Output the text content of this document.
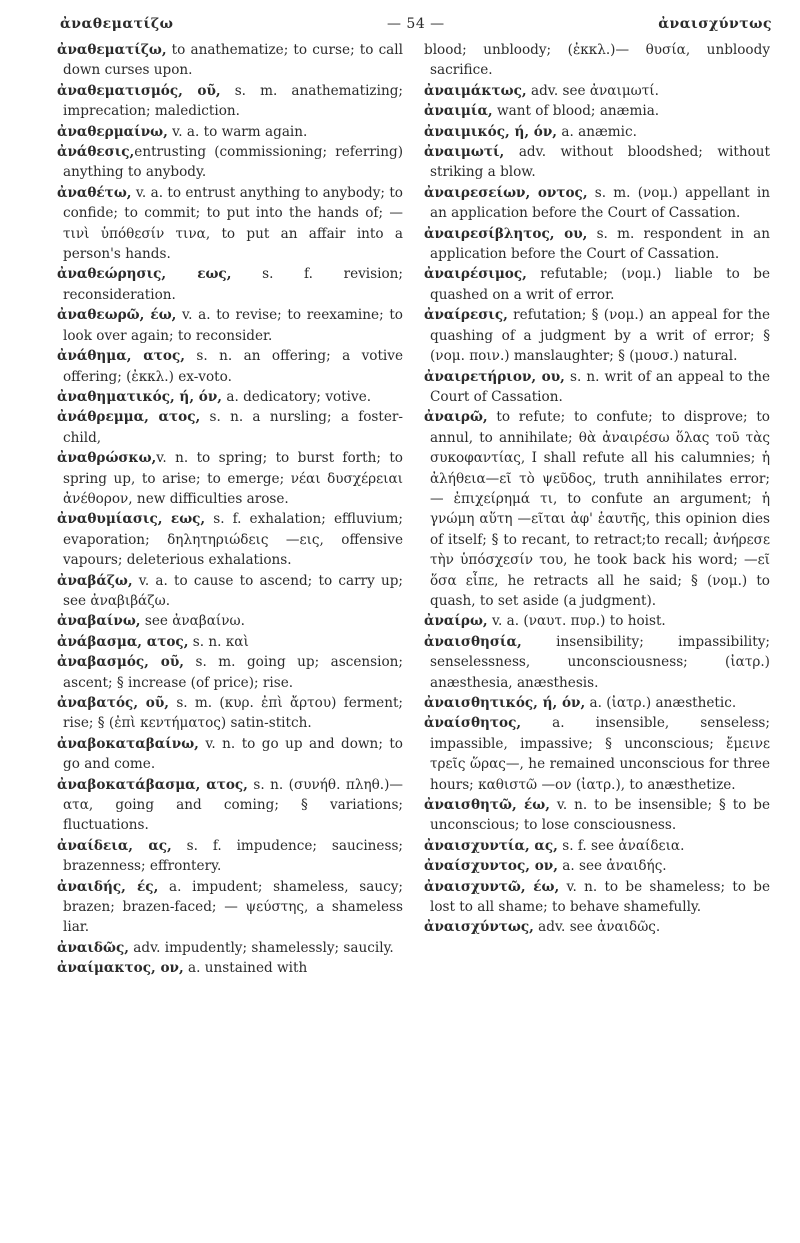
ἀναθεματίζω	— 54 —	ἀναισχύντως

ἀναθεματίζω, to anathematize; to curse; to call down curses upon.

ἀναθεματισμός, οῦ, s. m. anathematizing; imprecation; malediction.

ἀναθερμαίνω, v. a. to warm again.

ἀνάθεσις,entrusting (commissioning; referring) anything to anybody.

ἀναθέτω, v. a. to entrust anything to anybody; to confide; to commit; to put into the hands of; — τινὶ ὑπόθεσίν τινα, to put an affair into a person's hands.

ἀναθεώρησις, εως, s. f. revision; reconsideration.

ἀναθεωρῶ, έω, v. a. to revise; to reexamine; to look over again; to reconsider.

ἀνάθημα, ατος, s. n. an offering; a votive offering; (ἐκκλ.) ex-voto.

ἀναθηματικός, ή, όν, a. dedicatory; votive.

ἀνάθρεμμα, ατος, s. n. a nursling; a foster-child,

ἀναθρώσκω,v. n. to spring; to burst forth; to spring up, to arise; to emerge; νέαι δυσχέρειαι ἀνέθορον, new difficulties arose.

ἀναθυμίασις, εως, s. f. exhalation; effluvium; evaporation; δηλητηριώδεις —εις, offensive vapours; deleterious exhalations.

ἀναβάζω, v. a. to cause to ascend; to carry up; see ἀναβιβάζω.

ἀναβαίνω, see ἀναβαίνω.

ἀνάβασμα, ατος, s. n. καὶ

ἀναβασμός, οῦ, s. m. going up; ascension; ascent; § increase (of price); rise.

ἀναβατός, οῦ, s. m. (κυρ. ἐπὶ ἄρτου) ferment; rise; § (ἐπὶ κεντήματος) satin-stitch.

ἀναβοκαταβαίνω, v. n. to go up and down; to go and come.

ἀναβοκατάβασμα, ατος, s. n. (συνήθ. πληθ.)—ατα, going and coming; § variations; fluctuations.

ἀναίδεια, ας, s. f. impudence; sauciness; brazenness; effrontery.

ἀναιδής, ές, a. impudent; shameless, saucy; brazen; brazen-faced; — ψεύστης, a shameless liar.

ἀναιδῶς, adv. impudently; shamelessly; saucily.

ἀναίμακτος, ον, a. unstained with

blood; unbloody; (ἐκκλ.)— θυσία, unbloody sacrifice.

ἀναιμάκτως, adv. see ἀναιμωτί.

ἀναιμία, want of blood; anæmia.

ἀναιμικός, ή, όν, a. anæmic.

ἀναιμωτί, adv. without bloodshed; without striking a blow.

ἀναιρεσείων, οντος, s. m. (νομ.) appellant in an application before the Court of Cassation.

ἀναιρεσίβλητος, ου, s. m. respondent in an application before the Court of Cassation.

ἀναιρέσιμος, refutable; (νομ.) liable to be quashed on a writ of error.

ἀναίρεσις, refutation; § (νομ.) an appeal for the quashing of a judgment by a writ of error; § (νομ. ποιν.) manslaughter; § (μουσ.) natural.

ἀναιρετήριον, ου, s. n. writ of an appeal to the Court of Cassation.

ἀναιρῶ, to refute; to confute; to disprove; to annul, to annihilate; θὰ ἀναιρέσω ὅλας τοῦ τὰς συκοφαντίας, I shall refute all his calumnies; ἡ ἀλήθεια—εῖ τὸ ψεῦδος, truth annihilates error; — ἐπιχείρημά τι, to confute an argument; ἡ γνώμη αὕτη —εῖται ἀφ' ἑαυτῆς, this opinion dies of itself; § to recant, to retract;to recall; ἀνήρεσε τὴν ὑπόσχεσίν του, he took back his word; —εῖ ὅσα εἶπε, he retracts all he said; § (νομ.) to quash, to set aside (a judgment).

ἀναίρω, v. a. (ναυτ. πυρ.) to hoist.

ἀναισθησία, insensibility; impassibility; senselessness, unconsciousness; (ἰατρ.) anæsthesia, anæsthesis.

ἀναισθητικός, ή, όν, a. (ἰατρ.) anæsthetic.

ἀναίσθητος, a. insensible, senseless; impassible, impassive; § unconscious; ἔμεινε τρεῖς ὥρας—, he remained unconscious for three hours; καθιστῶ —ον (ἰατρ.), to anæsthetize.

ἀναισθητῶ, έω, v. n. to be insensible; § to be unconscious; to lose consciousness.

ἀναισχυντία, ας, s. f. see ἀναίδεια.

ἀναίσχυντος, ον, a. see ἀναιδής.

ἀναισχυντῶ, έω, v. n. to be shameless; to be lost to all shame; to behave shamefully.

ἀναισχύντως, adv. see ἀναιδῶς.
